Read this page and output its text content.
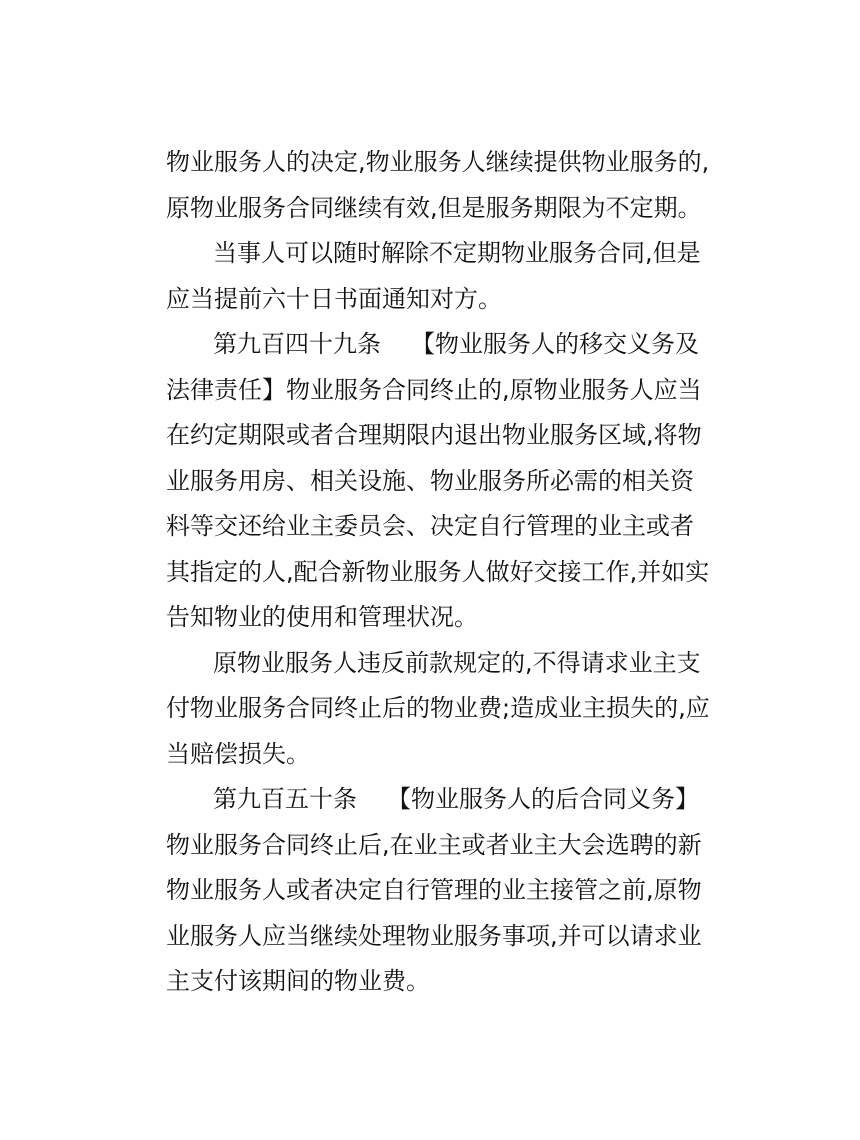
物业服务人的决定,物业服务人继续提供物业服务的,
原物业服务合同继续有效,但是服务期限为不定期。
当事人可以随时解除不定期物业服务合同,但是
应当提前六十日书面通知对方。
第九百四十九条 【物业服务人的移交义务及
法律责任】物业服务合同终止的,原物业服务人应当
在约定期限或者合理期限内退出物业服务区域,将物
业服务用房、相关设施、物业服务所必需的相关资
料等交还给业主委员会、决定自行管理的业主或者
其指定的人,配合新物业服务人做好交接工作,并如实
告知物业的使用和管理状况。
原物业服务人违反前款规定的,不得请求业主支
付物业服务合同终止后的物业费;造成业主损失的,应
当赔偿损失。
第九百五十条 【物业服务人的后合同义务】
物业服务合同终止后,在业主或者业主大会选聘的新
物业服务人或者决定自行管理的业主接管之前,原物
业服务人应当继续处理物业服务事项,并可以请求业
主支付该期间的物业费。
